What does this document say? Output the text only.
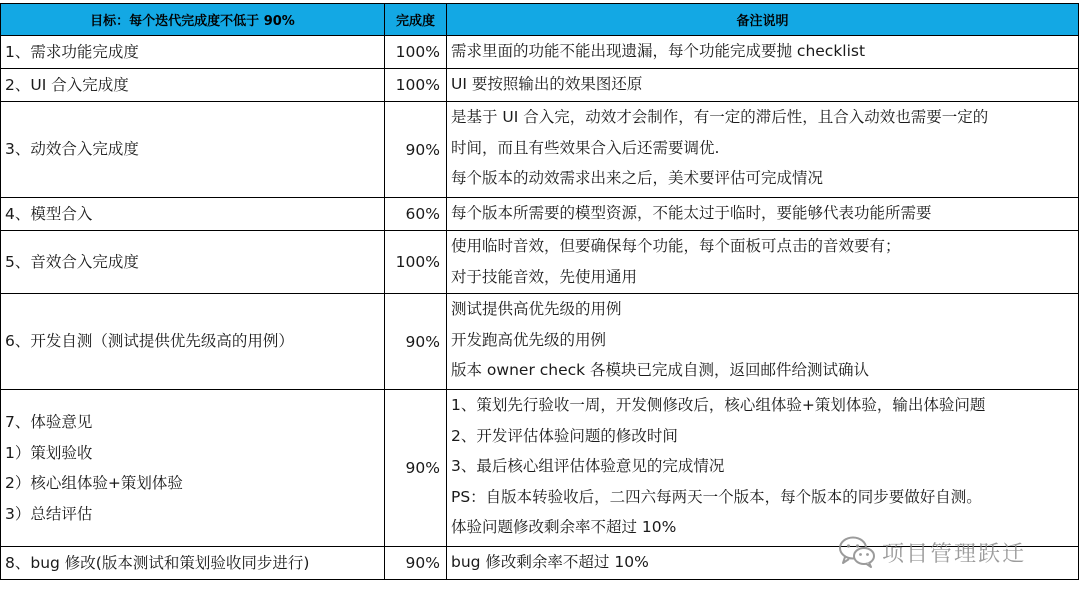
目标：每个迭代完成度不低于 90%	完成度	备注说明

1、需求功能完成度	100%	需求里面的功能不能出现遗漏，每个功能完成要抛 checklist

2、UI 合入完成度	100%	UI 要按照输出的效果图还原

3、动效合入完成度	90%	是基于 UI 合入完，动效才会制作，有一定的滞后性，且合入动效也需要一定的
时间，而且有些效果合入后还需要调优.
每个版本的动效需求出来之后，美术要评估可完成情况

4、模型合入	60%	每个版本所需要的模型资源，不能太过于临时，要能够代表功能所需要

5、音效合入完成度	100%	使用临时音效，但要确保每个功能，每个面板可点击的音效要有；
对于技能音效，先使用通用

6、开发自测（测试提供优先级高的用例）	90%	测试提供高优先级的用例
开发跑高优先级的用例
版本 owner check 各模块已完成自测，返回邮件给测试确认

7、体验意见
1）策划验收
2）核心组体验+策划体验
3）总结评估	90%	1、策划先行验收一周，开发侧修改后，核心组体验+策划体验，输出体验问题
2、开发评估体验问题的修改时间
3、最后核心组评估体验意见的完成情况
PS：自版本转验收后，二四六每两天一个版本，每个版本的同步要做好自测。
体验问题修改剩余率不超过 10%

8、bug 修改(版本测试和策划验收同步进行)	90%	bug 修改剩余率不超过 10%	项目管理跃迁
